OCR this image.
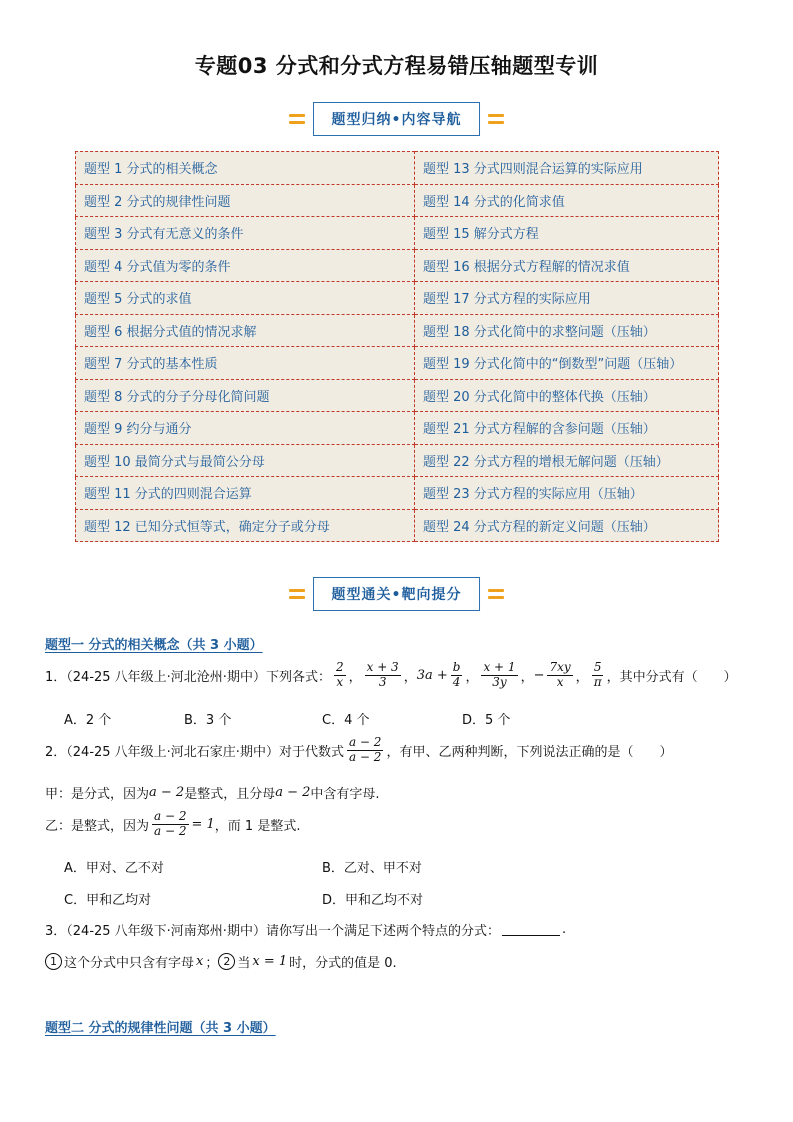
专题03 分式和分式方程易错压轴题型专训
题型归纳•内容导航
题型 1 分式的相关概念	题型 13 分式四则混合运算的实际应用
题型 2 分式的规律性问题	题型 14 分式的化简求值
题型 3 分式有无意义的条件	题型 15 解分式方程
题型 4 分式值为零的条件	题型 16 根据分式方程解的情况求值
题型 5 分式的求值	题型 17 分式方程的实际应用
题型 6 根据分式值的情况求解	题型 18 分式化简中的求整问题（压轴）
题型 7 分式的基本性质	题型 19 分式化简中的“倒数型”问题（压轴）
题型 8 分式的分子分母化简问题	题型 20 分式化简中的整体代换（压轴）
题型 9 约分与通分	题型 21 分式方程解的含参问题（压轴）
题型 10 最简分式与最简公分母	题型 22 分式方程的增根无解问题（压轴）
题型 11 分式的四则混合运算	题型 23 分式方程的实际应用（压轴）
题型 12 已知分式恒等式，确定分子或分母	题型 24 分式方程的新定义问题（压轴）
题型通关•靶向提分
题型一 分式的相关概念（共 3 小题）
1．（24-25 八年级上·河北沧州·期中）下列各式： $\frac{2}{x}$ ， $\frac{x + 3}{3}$ ， $3a + \frac{b}{4}$ ， $\frac{x + 1}{3y}$ ， − $\frac{7xy}{x}$ ， $\frac{5}{\pi}$ ，其中分式有（　　）
A．2 个	B．3 个	C．4 个	D．5 个
2．（24-25 八年级上·河北石家庄·期中）对于代数式 $\frac{a - 2}{a - 2}$ ，有甲、乙两种判断，下列说法正确的是（　　）
甲：是分式，因为 a − 2 是整式，且分母 a − 2 中含有字母.
乙：是整式，因为 $\frac{a - 2}{a - 2} = 1$ ，而 1 是整式.
A．甲对、乙不对	B．乙对、甲不对
C．甲和乙均对	D．甲和乙均不对
3．（24-25 八年级下·河南郑州·期中）请你写出一个满足下述两个特点的分式：	.
1 这个分式中只含有字母 x ； 2 当 x = 1 时，分式的值是 0.
题型二 分式的规律性问题（共 3 小题）
